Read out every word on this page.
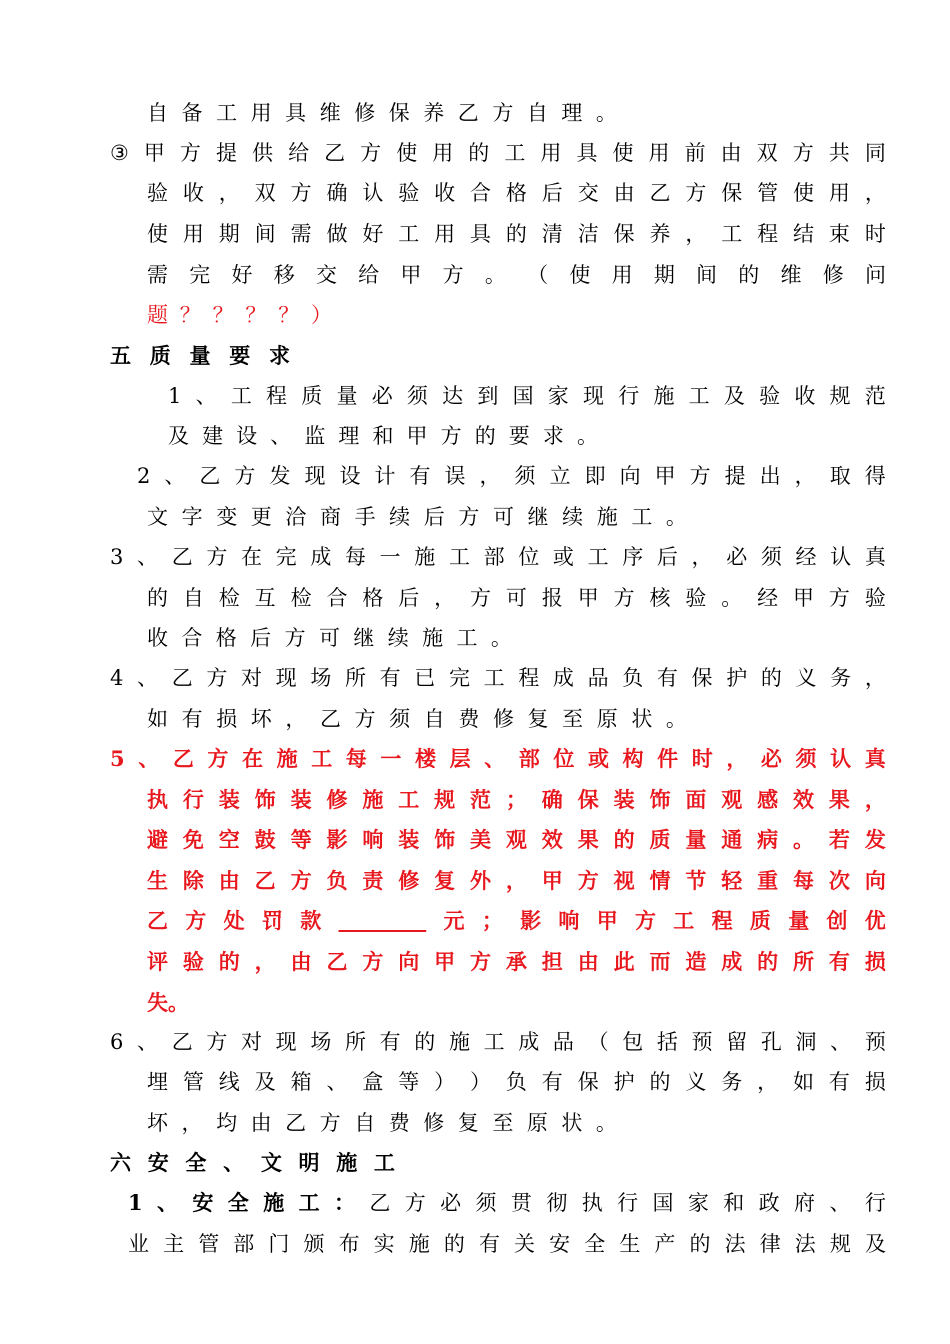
自 备 工 用 具 维 修 保 养 乙 方 自 理 。
③ 甲 方 提 供 给 乙 方 使 用 的 工 用 具 使 用 前 由 双 方 共 同
验 收 ， 双 方 确 认 验 收 合 格 后 交 由 乙 方 保 管 使 用 ，
使 用 期 间 需 做 好 工 用 具 的 清 洁 保 养 ， 工 程 结 束 时
需 完 好 移 交 给 甲 方 。 （ 使 用 期 间 的 维 修 问
题 ？ ？ ？ ？ ）
五 质 量 要 求
1 、 工 程 质 量 必 须 达 到 国 家 现 行 施 工 及 验 收 规 范
及 建 设 、 监 理 和 甲 方 的 要 求 。
2 、 乙 方 发 现 设 计 有 误 ， 须 立 即 向 甲 方 提 出 ， 取 得
文 字 变 更 洽 商 手 续 后 方 可 继 续 施 工 。
3 、 乙 方 在 完 成 每 一 施 工 部 位 或 工 序 后 ， 必 须 经 认 真
的 自 检 互 检 合 格 后 ， 方 可 报 甲 方 核 验 。 经 甲 方 验
收 合 格 后 方 可 继 续 施 工 。
4 、 乙 方 对 现 场 所 有 已 完 工 程 成 品 负 有 保 护 的 义 务 ，
如 有 损 坏 ， 乙 方 须 自 费 修 复 至 原 状 。
5 、 乙 方 在 施 工 每 一 楼 层 、 部 位 或 构 件 时 ， 必 须 认 真
执 行 装 饰 装 修 施 工 规 范 ； 确 保 装 饰 面 观 感 效 果 ，
避 免 空 鼓 等 影 响 装 饰 美 观 效 果 的 质 量 通 病 。 若 发
生 除 由 乙 方 负 责 修 复 外 ， 甲 方 视 情 节 轻 重 每 次 向
乙 方 处 罚 款
	元 ； 影 响 甲 方 工 程 质 量 创 优
评 验 的 ， 由 乙 方 向 甲 方 承 担 由 此 而 造 成 的 所 有 损
失 。
6 、 乙 方 对 现 场 所 有 的 施 工 成 品 （ 包 括 预 留 孔 洞 、 预
埋 管 线 及 箱 、 盒 等 ） ） 负 有 保 护 的 义 务 ， 如 有 损
坏 ， 均 由 乙 方 自 费 修 复 至 原 状 。
六 安 全 、 文 明 施 工
1 、 安 全 施 工 ： 乙 方 必 须 贯 彻 执 行 国 家 和 政 府 、 行
业 主 管 部 门 颁 布 实 施 的 有 关 安 全 生 产 的 法 律 法 规 及
